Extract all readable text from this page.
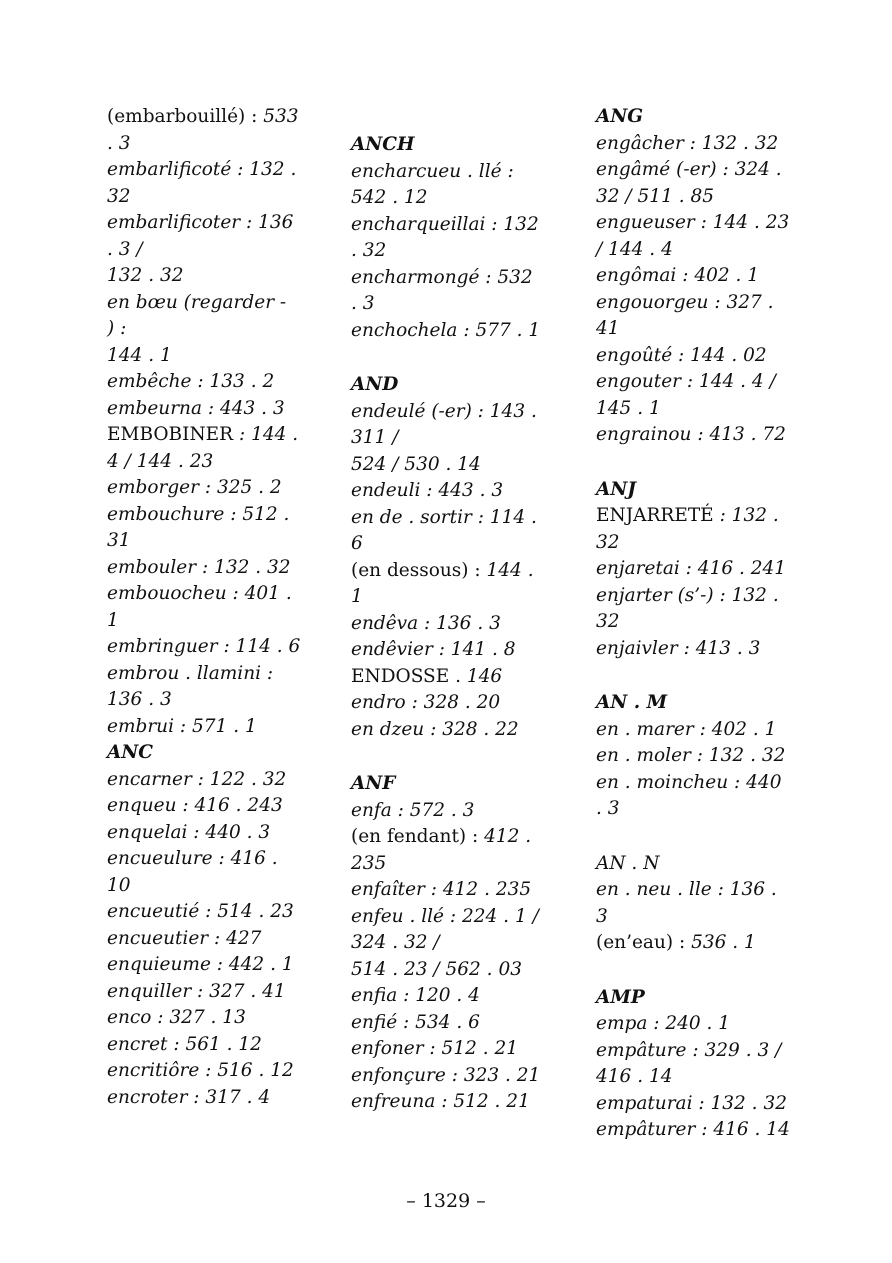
(embarbouillé) : 533
. 3
embarlificoté : 132 .
32
embarlificoter : 136
. 3 /
132 . 32
en bœu (regarder -
) :
144 . 1
embêche : 133 . 2
embeurna : 443 . 3
EMBOBINER : 144 .
4 / 144 . 23
emborger : 325 . 2
embouchure : 512 .
31
embouler : 132 . 32
embouocheu : 401 .
1
embringuer : 114 . 6
embrou . llamini :
136 . 3
embrui : 571 . 1
ANC
encarner : 122 . 32
enqueu : 416 . 243
enquelai : 440 . 3
encueulure : 416 .
10
encueutié : 514 . 23
encueutier : 427
enquieume : 442 . 1
enquiller : 327 . 41
enco : 327 . 13
encret : 561 . 12
encritiôre : 516 . 12
encroter : 317 . 4
ANCH
encharcueu . llé :
542 . 12
encharqueillai : 132
. 32
encharmongé : 532
. 3
enchochela : 577 . 1
AND
endeulé (-er) : 143 .
311 /
524 / 530 . 14
endeuli : 443 . 3
en de . sortir : 114 .
6
(en dessous) : 144 . 1
endêva : 136 . 3
endêvier : 141 . 8
ENDOSSE . 146
endro : 328 . 20
en dzeu : 328 . 22
ANF
enfa : 572 . 3
(en fendant) : 412 .
235
enfaîter : 412 . 235
enfeu . llé : 224 . 1 /
324 . 32 /
514 . 23 / 562 . 03
enfia : 120 . 4
enfié : 534 . 6
enfoner : 512 . 21
enfonçure : 323 . 21
enfreuna : 512 . 21
ANG
engâcher : 132 . 32
engâmé (-er) : 324 .
32 / 511 . 85
engueuser : 144 . 23
/ 144 . 4
engômai : 402 . 1
engouorgeu : 327 .
41
engoûté : 144 . 02
engouter : 144 . 4 /
145 . 1
engrainou : 413 . 72
ANJ
ENJARRETÉ : 132 .
32
enjaretai : 416 . 241
enjarter (s’-) : 132 .
32
enjaivler : 413 . 3
AN . M
en . marer : 402 . 1
en . moler : 132 . 32
en . moincheu : 440
. 3
AN . N
en . neu . lle : 136 . 3
(en’eau) : 536 . 1
AMP
empa : 240 . 1
empâture : 329 . 3 /
416 . 14
empaturai : 132 . 32
empâturer : 416 . 14
– 1329 –
